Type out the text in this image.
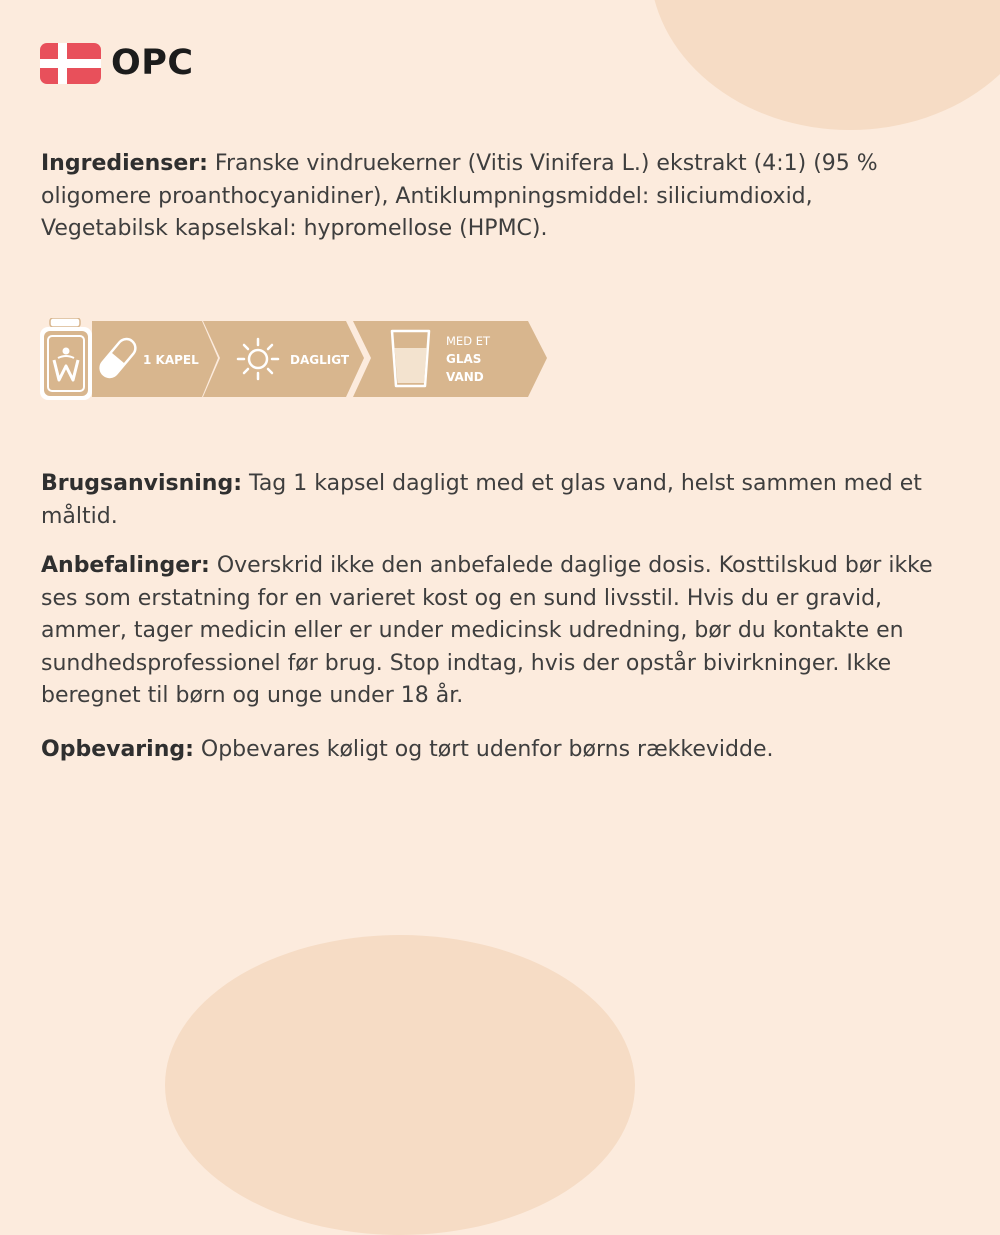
OPC

Ingredienser: Franske vindruekerner (Vitis Vinifera L.) ekstrakt (4:1) (95 % oligomere proanthocyanidiner), Antiklumpningsmiddel: siliciumdioxid, Vegetabilsk kapselskal: hypromellose (HPMC).

1 KAPEL	DAGLIGT
MED ET
GLAS
VAND

Brugsanvisning: Tag 1 kapsel dagligt med et glas vand, helst sammen med et måltid.

Anbefalinger: Overskrid ikke den anbefalede daglige dosis. Kosttilskud bør ikke ses som erstatning for en varieret kost og en sund livsstil. Hvis du er gravid, ammer, tager medicin eller er under medicinsk udredning, bør du kontakte en sundhedsprofessionel før brug. Stop indtag, hvis der opstår bivirkninger. Ikke beregnet til børn og unge under 18 år.

Opbevaring: Opbevares køligt og tørt udenfor børns rækkevidde.
